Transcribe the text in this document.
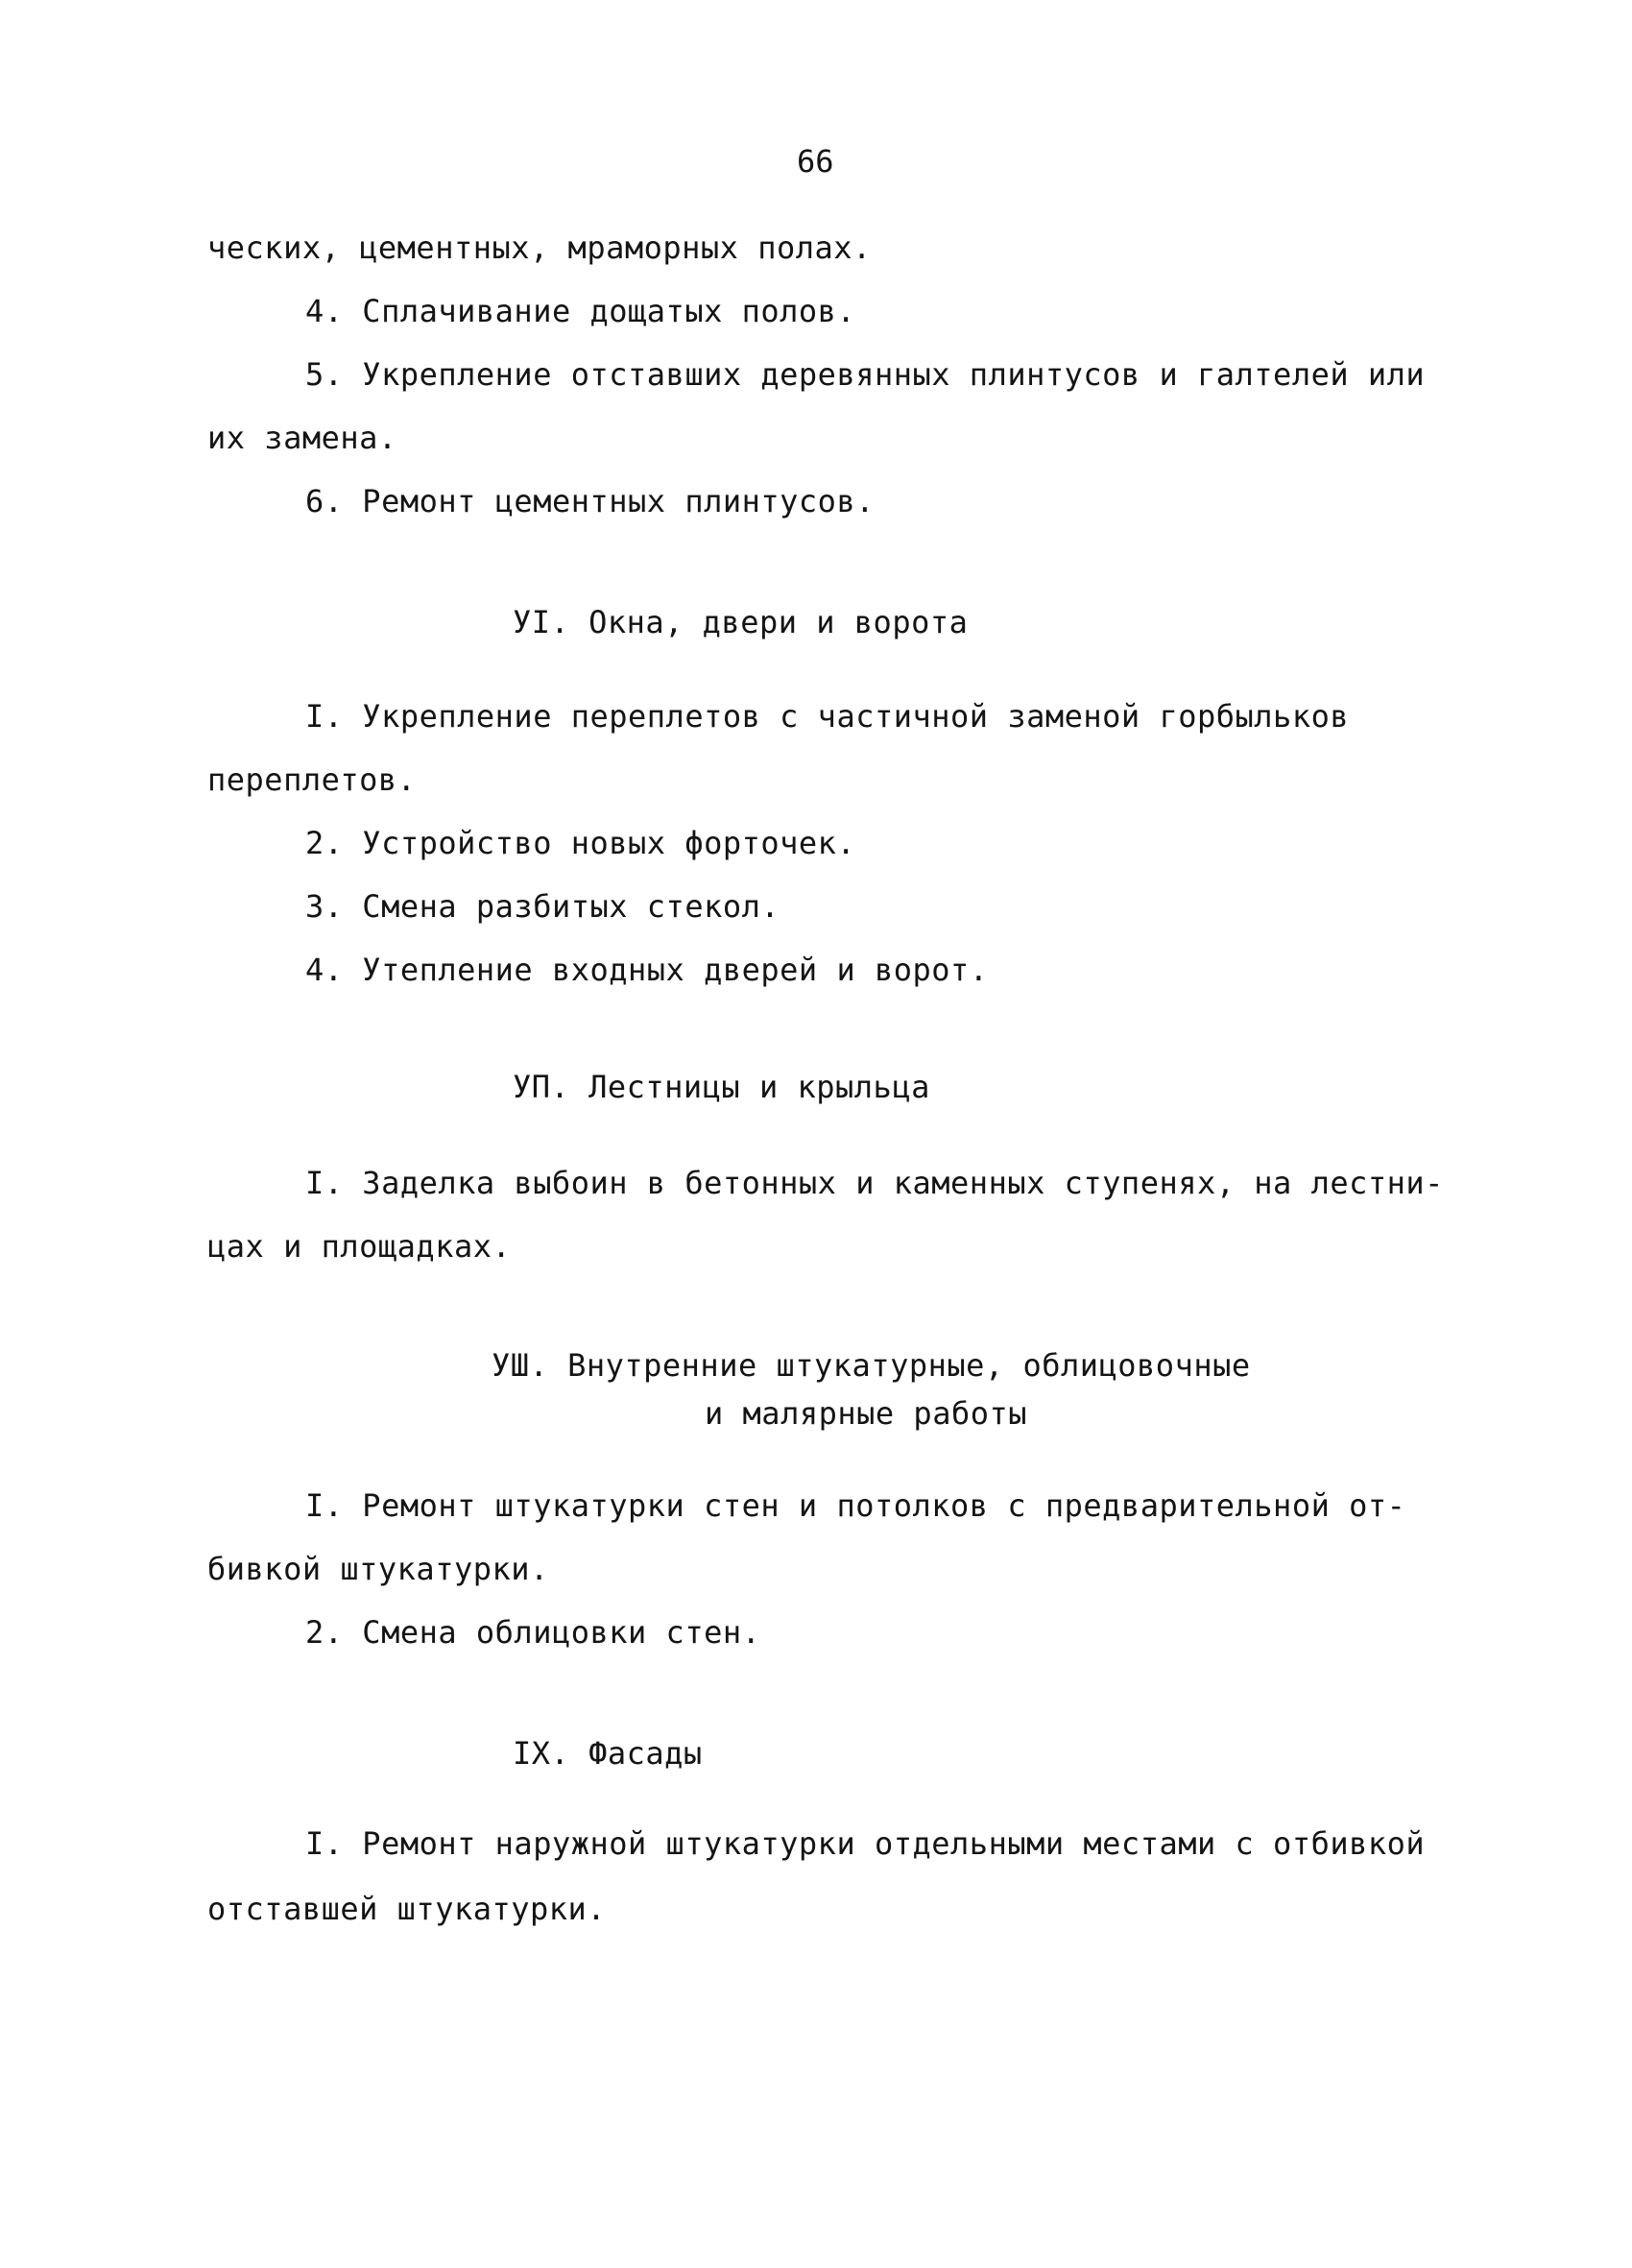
66
ческих, цементных, мраморных полах.
4. Сплачивание дощатых полов.
5. Укрепление отставших деревянных плинтусов и галтелей или
их замена.
6. Ремонт цементных плинтусов.
УI. Окна, двери и ворота
I. Укрепление переплетов с частичной заменой горбыльков
переплетов.
2. Устройство новых форточек.
3. Смена разбитых стекол.
4. Утепление входных дверей и ворот.
УП. Лестницы и крыльца
I. Заделка выбоин в бетонных и каменных ступенях, на лестни-
цах и площадках.
УШ. Внутренние штукатурные, облицовочные
и малярные работы
I. Ремонт штукатурки стен и потолков с предварительной от-
бивкой штукатурки.
2. Смена облицовки стен.
IX. Фасады
I. Ремонт наружной штукатурки отдельными местами с отбивкой
отставшей штукатурки.
